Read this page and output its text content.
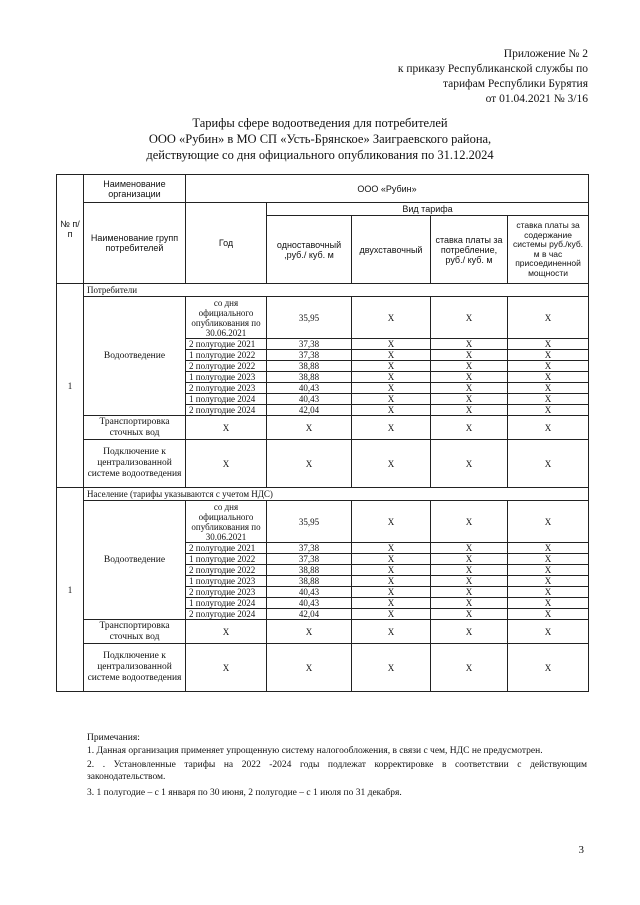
Приложение № 2
к приказу Республиканской службы по
тарифам Республики Бурятия
от 01.04.2021 № 3/16
Тарифы сфере водоотведения для потребителей
ООО «Рубин» в МО СП «Усть-Брянское» Заиграевского района,
действующие со дня официального опубликования по 31.12.2024
№ п/п	Наименование организации	ООО «Рубин»				
	Наименование групп потребителей	Год	Вид тарифа			
			одноставочный ,руб./ куб. м	двухставочный	ставка платы за потребление, руб./ куб. м	ставка платы за содержание системы руб./куб. м в час присоединенной мощности
1	Потребители					
	Водоотведение	со дня официального опубликования по 30.06.2021	35,95	Х	Х	Х
		2 полугодие 2021	37,38	Х	Х	Х
		1 полугодие 2022	37,38	Х	Х	Х
		2 полугодие 2022	38,88	Х	Х	Х
		1 полугодие 2023	38,88	Х	Х	Х
		2 полугодие 2023	40,43	Х	Х	Х
		1 полугодие 2024	40,43	Х	Х	Х
		2 полугодие 2024	42,04	Х	Х	Х
	Транспортировка сточных вод	Х	Х	Х	Х	Х
	Подключение к централизованной системе водоотведения	Х	Х	Х	Х	Х
1	Население (тарифы указываются с учетом НДС)					
	Водоотведение	со дня официального опубликования по 30.06.2021	35,95	Х	Х	Х
		2 полугодие 2021	37,38	Х	Х	Х
		1 полугодие 2022	37,38	Х	Х	Х
		2 полугодие 2022	38,88	Х	Х	Х
		1 полугодие 2023	38,88	Х	Х	Х
		2 полугодие 2023	40,43	Х	Х	Х
		1 полугодие 2024	40,43	Х	Х	Х
		2 полугодие 2024	42,04	Х	Х	Х
	Транспортировка сточных вод	Х	Х	Х	Х	Х
	Подключение к централизованной системе водоотведения	Х	Х	Х	Х	Х

Примечания:

1. Данная организация применяет упрощенную систему налогообложения, в связи с чем, НДС не предусмотрен.

2. . Установленные тарифы на 2022 -2024 годы подлежат корректировке в соответствии с действующим законодательством.

3. 1 полугодие – с 1 января по 30 июня, 2 полугодие – с 1 июля по 31 декабря.

3
